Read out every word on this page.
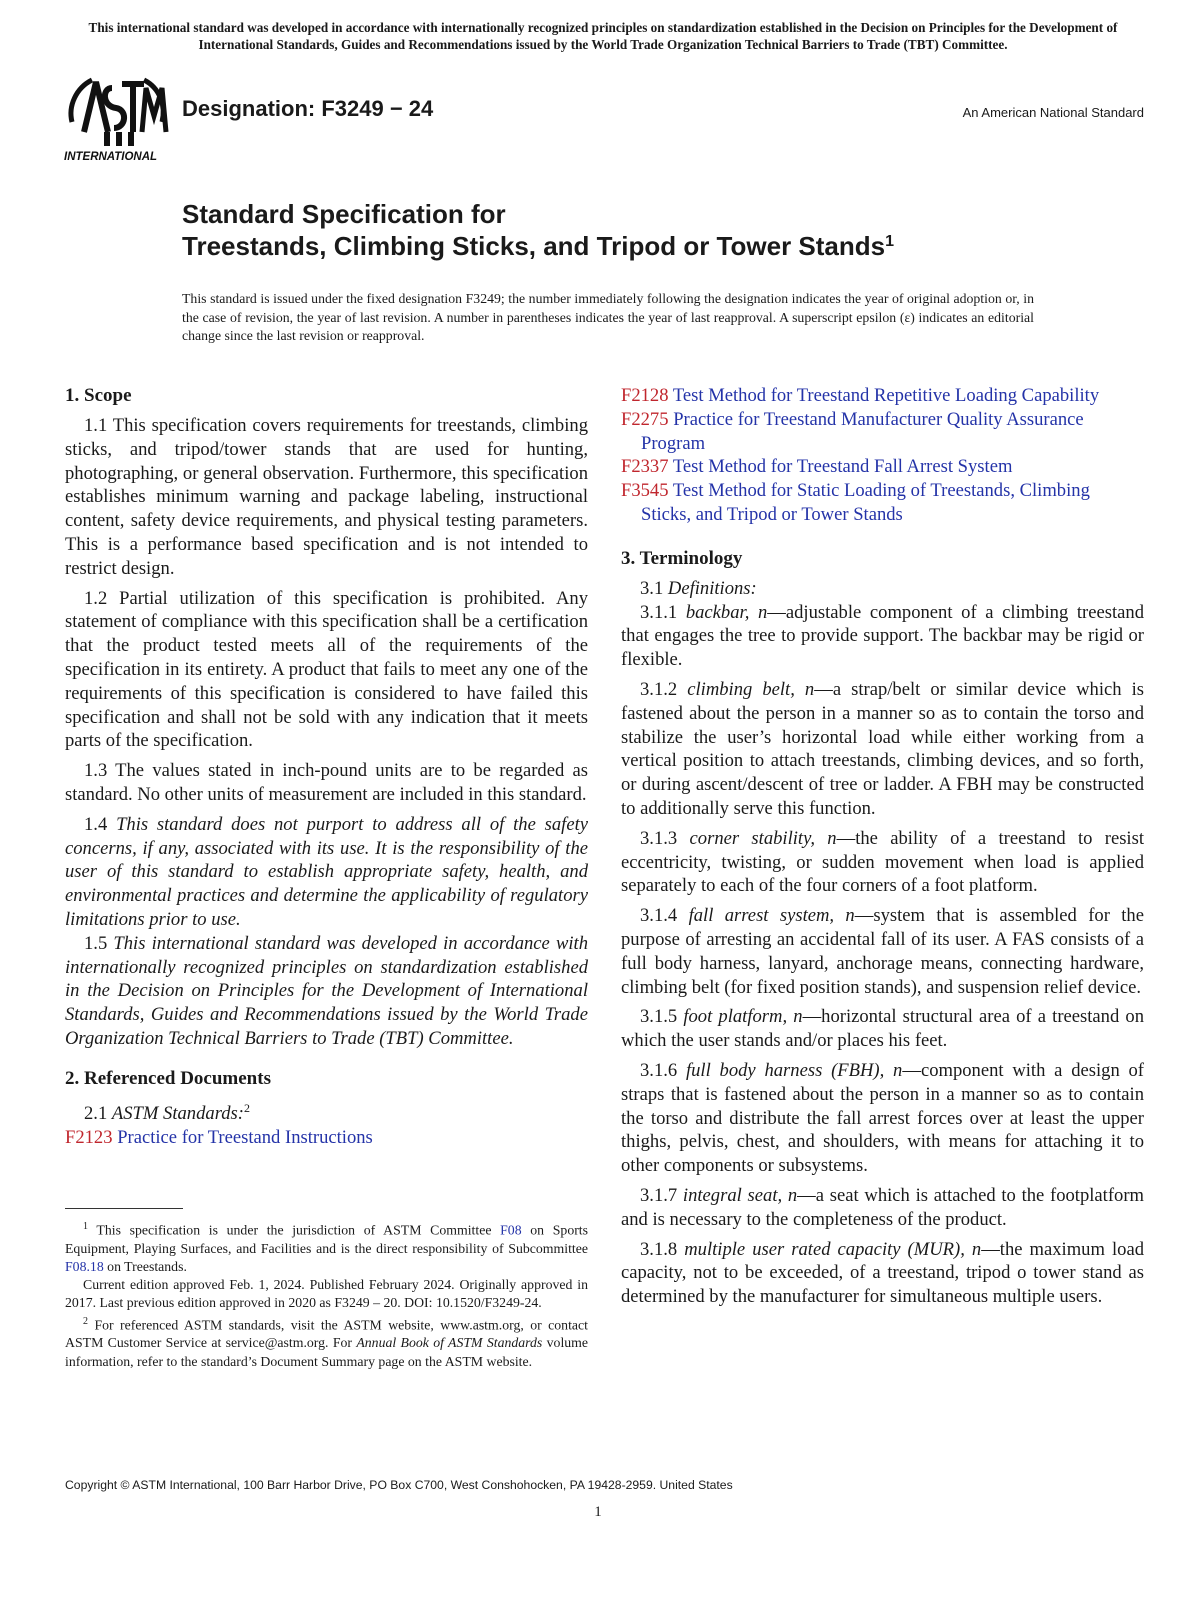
This international standard was developed in accordance with internationally recognized principles on standardization established in the Decision on Principles for the Development of International Standards, Guides and Recommendations issued by the World Trade Organization Technical Barriers to Trade (TBT) Committee.
INTERNATIONAL
Designation: F3249 − 24	An American National Standard
Standard Specification for
Treestands, Climbing Sticks, and Tripod or Tower Stands$^1$
This standard is issued under the fixed designation F3249; the number immediately following the designation indicates the year of original adoption or, in the case of revision, the year of last revision. A number in parentheses indicates the year of last reapproval. A superscript epsilon (ε) indicates an editorial change since the last revision or reapproval.
1. Scope

1.1 This specification covers requirements for treestands, climbing sticks, and tripod/tower stands that are used for hunting, photographing, or general observation. Furthermore, this specification establishes minimum warning and package labeling, instructional content, safety device requirements, and physical testing parameters. This is a performance based specification and is not intended to restrict design.

1.2 Partial utilization of this specification is prohibited. Any statement of compliance with this specification shall be a certification that the product tested meets all of the requirements of the specification in its entirety. A product that fails to meet any one of the requirements of this specification is considered to have failed this specification and shall not be sold with any indication that it meets parts of the specification.

1.3 The values stated in inch-pound units are to be regarded as standard. No other units of measurement are included in this standard.

1.4 This standard does not purport to address all of the safety concerns, if any, associated with its use. It is the responsibility of the user of this standard to establish appropriate safety, health, and environmental practices and determine the applicability of regulatory limitations prior to use.

1.5 This international standard was developed in accordance with internationally recognized principles on standardization established in the Decision on Principles for the Development of International Standards, Guides and Recommendations issued by the World Trade Organization Technical Barriers to Trade (TBT) Committee.

2. Referenced Documents

2.1 ASTM Standards:$^2$

F2123 Practice for Treestand Instructions

$^1$ This specification is under the jurisdiction of ASTM Committee F08 on Sports Equipment, Playing Surfaces, and Facilities and is the direct responsibility of Subcommittee F08.18 on Treestands.

Current edition approved Feb. 1, 2024. Published February 2024. Originally approved in 2017. Last previous edition approved in 2020 as F3249 – 20. DOI: 10.1520/F3249-24.

$^2$ For referenced ASTM standards, visit the ASTM website, www.astm.org, or contact ASTM Customer Service at service@astm.org. For Annual Book of ASTM Standards volume information, refer to the standard’s Document Summary page on the ASTM website.

F2128 Test Method for Treestand Repetitive Loading Capability

F2275 Practice for Treestand Manufacturer Quality Assurance Program

F2337 Test Method for Treestand Fall Arrest System

F3545 Test Method for Static Loading of Treestands, Climbing Sticks, and Tripod or Tower Stands

3. Terminology

3.1 Definitions:

3.1.1 backbar, n—adjustable component of a climbing treestand that engages the tree to provide support. The backbar may be rigid or flexible.

3.1.2 climbing belt, n—a strap/belt or similar device which is fastened about the person in a manner so as to contain the torso and stabilize the user’s horizontal load while either working from a vertical position to attach treestands, climbing devices, and so forth, or during ascent/descent of tree or ladder. A FBH may be constructed to additionally serve this function.

3.1.3 corner stability, n—the ability of a treestand to resist eccentricity, twisting, or sudden movement when load is applied separately to each of the four corners of a foot platform.

3.1.4 fall arrest system, n—system that is assembled for the purpose of arresting an accidental fall of its user. A FAS consists of a full body harness, lanyard, anchorage means, connecting hardware, climbing belt (for fixed position stands), and suspension relief device.

3.1.5 foot platform, n—horizontal structural area of a treestand on which the user stands and/or places his feet.

3.1.6 full body harness (FBH), n—component with a design of straps that is fastened about the person in a manner so as to contain the torso and distribute the fall arrest forces over at least the upper thighs, pelvis, chest, and shoulders, with means for attaching it to other components or subsystems.

3.1.7 integral seat, n—a seat which is attached to the footplatform and is necessary to the completeness of the product.

3.1.8 multiple user rated capacity (MUR), n—the maximum load capacity, not to be exceeded, of a treestand, tripod o tower stand as determined by the manufacturer for simultaneous multiple users.

Copyright © ASTM International, 100 Barr Harbor Drive, PO Box C700, West Conshohocken, PA 19428-2959. United States
1
